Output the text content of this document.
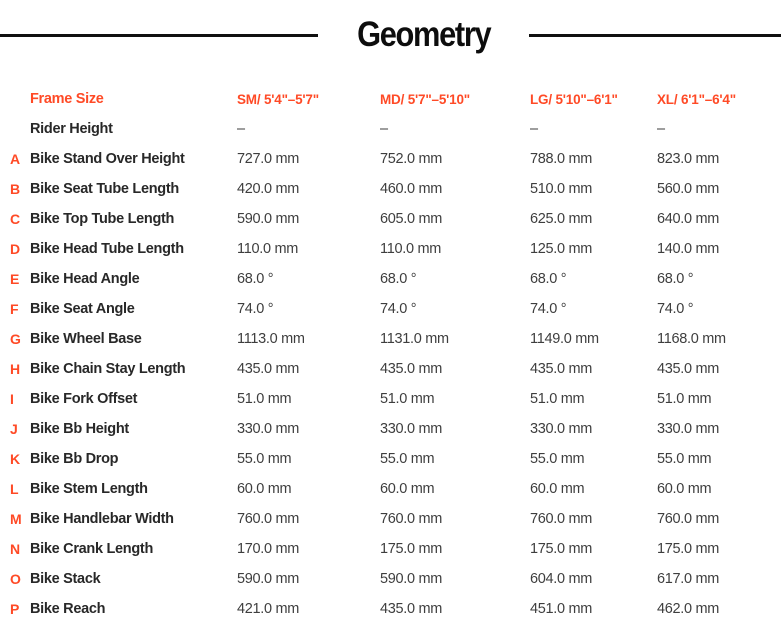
Geometry
Frame Size	SM/ 5'4"–5'7"	MD/ 5'7"–5'10"	LG/ 5'10"–6'1"	XL/ 6'1"–6'4"
Rider Height	–	–	–	–
A Bike Stand Over Height	727.0 mm	752.0 mm	788.0 mm	823.0 mm
B Bike Seat Tube Length	420.0 mm	460.0 mm	510.0 mm	560.0 mm
C Bike Top Tube Length	590.0 mm	605.0 mm	625.0 mm	640.0 mm
D Bike Head Tube Length	110.0 mm	110.0 mm	125.0 mm	140.0 mm
E Bike Head Angle	68.0 °	68.0 °	68.0 °	68.0 °
F Bike Seat Angle	74.0 °	74.0 °	74.0 °	74.0 °
G Bike Wheel Base	1113.0 mm	1131.0 mm	1149.0 mm	1168.0 mm
H Bike Chain Stay Length	435.0 mm	435.0 mm	435.0 mm	435.0 mm
I	Bike Fork Offset	51.0 mm	51.0 mm	51.0 mm	51.0 mm
J Bike Bb Height	330.0 mm	330.0 mm	330.0 mm	330.0 mm
K Bike Bb Drop	55.0 mm	55.0 mm	55.0 mm	55.0 mm
L Bike Stem Length	60.0 mm	60.0 mm	60.0 mm	60.0 mm
M Bike Handlebar Width	760.0 mm	760.0 mm	760.0 mm	760.0 mm
N Bike Crank Length	170.0 mm	175.0 mm	175.0 mm	175.0 mm
O Bike Stack	590.0 mm	590.0 mm	604.0 mm	617.0 mm
P Bike Reach	421.0 mm	435.0 mm	451.0 mm	462.0 mm
